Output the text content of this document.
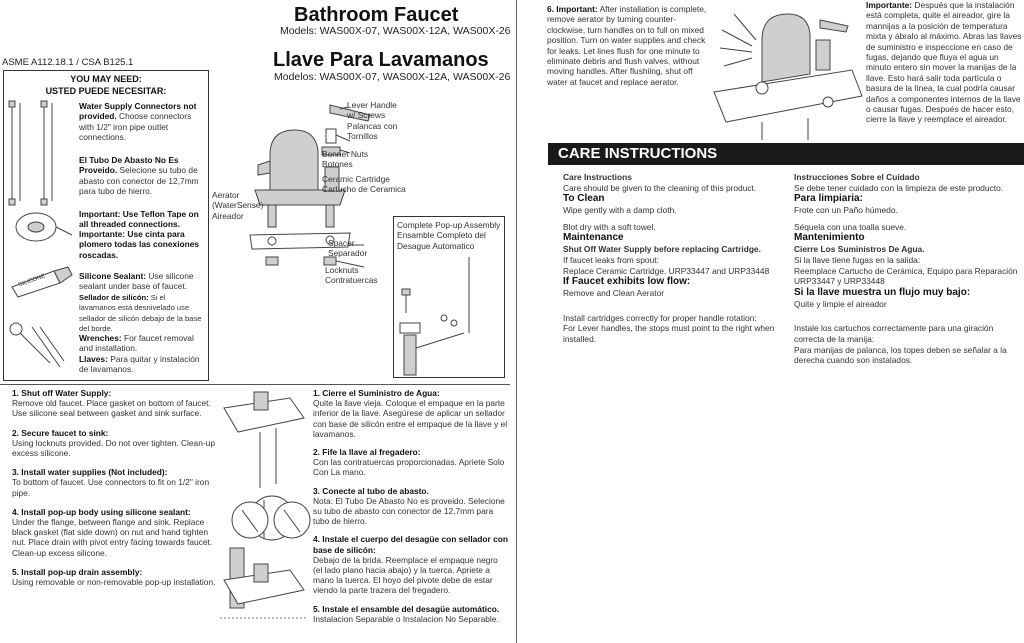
Bathroom Faucet
Models: WAS00X-07, WAS00X-12A, WAS00X-26
Llave Para Lavamanos
Modelos: WAS00X-07, WAS00X-12A, WAS00X-26
ASME A112.18.1 / CSA B125.1
YOU MAY NEED:
USTED PUEDE NECESITAR:
Water Supply Connectors not provided. Choose connectors with 1/2" iron pipe outlet connections.
El Tubo De Abasto No Es Proveido. Selecione su tubo de abasto con conector de 12,7mm para tubo de hierro.
Important: Use Teflon Tape on all threaded connections.
Importante: Use cinta para plomero todas las conexiones roscadas.
SILICONE	Silicone Sealant: Use silicone sealant under base of faucet.
Sellador de silicón: Si el lavamanos está desnivelado use sellador de silicón debajo de la base del borde.
Wrenches: For faucet removal and installation.
Llaves: Para quitar y instalación de lavamanos.
Lever Handle w/ Screws
Palancas con Tornillos
Bonnet Nuts
Botones
Ceramic Cartridge
Cartucho de Ceramica
Aerator (WaterSense)
Aireador
Spacer
Separador
Locknuts
Contratuercas
Complete Pop-up Assembly
Ensamble Completo del Desague Automatico
1. Shut off Water Supply:
Remove old faucet. Place gasket on bottom of faucet. Use silicone seal between gasket and sink surface.
2. Secure faucet to sink:
Using locknuts provided. Do not over tighten. Clean-up excess silicone.
3. Install water supplies (Not included):
To bottom of faucet. Use connectors to fit on 1/2" iron pipe.
4. Install pop-up body using silicone sealant:
Under the flange, between flange and sink. Replace black gasket (flat side down) on nut and hand tighten nut. Place drain with pivot entry facing towards faucet. Clean-up excess silicone.
5. Install pop-up drain assembly:
Using removable or non-removable pop-up installation.
1. Cierre el Suministro de Agua:
Quite la llave vieja. Coloque el empaque en la parte inferior de la llave. Asegúrese de aplicar un sellador con base de silicón entre el empaque de la llave y el lavamanos.
2. Fife la llave al fregadero:
Con las contratuercas proporcionadas. Apriete Solo Con La mano.
3. Conecte al tubo de abasto.
Nota: El Tubo De Abasto No es proveido. Selecione su tubo de abasto con conector de 12,7mm para tubo de hierro.
4. Instale el cuerpo del desagüe con sellador con base de silicón:
Debajo de la brida. Reemplace el empaque negro (el lado plano hacia abajo) y la tuerca. Apriete a mano la tuerca. El hoyo del pivote debe de estar viendo la parte trazera del fregadero.
5. Instale el ensamble del desagüe automático.
Instalacion Separable o Instalacion No Separable.
6. Important: After installation is complete, remove aerator by turning counter-clockwise, turn handles on to full on mixed position. Turn on water supplies and check for leaks. Let lines flush for one minute to eliminate debris and flush valves, without moving handles. After flushiing, shut off water at faucet and replace aerator.
Importante: Después que la instalación está completa, quite el aireador, gire la mannijas a la posición de temperatura mixta y ábralo al máximo. Abras las llaves de suministro e inspeccione en caso de fugas, dejando que fluya el agua un minuto entero sin mover la manijas de la llave. Esto hará salir toda partícula o basura de la línea, la cual podría causar daños a componentes internos de la llave o causar fugas. Después de hacer esto, cierre la llave y reemplace el aireador.
CARE INSTRUCTIONS
Care Instructions
Care should be given to the cleaning of this product.
To Clean
Wipe gently with a damp cloth.
Blot dry with a soft towel.
Maintenance
Shut Off Water Supply before replacing Cartridge.
If faucet leaks from spout:
Replace Ceramic Cartridge. URP33447 and URP33448
If Faucet exhibits low flow:
Remove and Clean Aerator
Install cartridges correctly for proper handle rotation:
For Lever handles, the stops must point to the right when installed.
Instrucciones Sobre el Cuidado
Se debe tener cuidado con la limpieza de este producto.
Para limpiaria:
Frote con un Paño húmedo.
Séquela con una toalla sueve.
Mantenimiento
Cierre Los Suministros De Agua.
Si la llave tiene fugas en la salida:
Reemplace Cartucho de Cerámica, Equipo para Reparación URP33447 y URP33448
Si la llave muestra un flujo muy bajo:
Quite y limpie el aireador
Instale los cartuchos correctamente para una giración correcta de la manija:
Para manijas de palanca, los topes deben se señalar a la derecha cuando son instalados.
